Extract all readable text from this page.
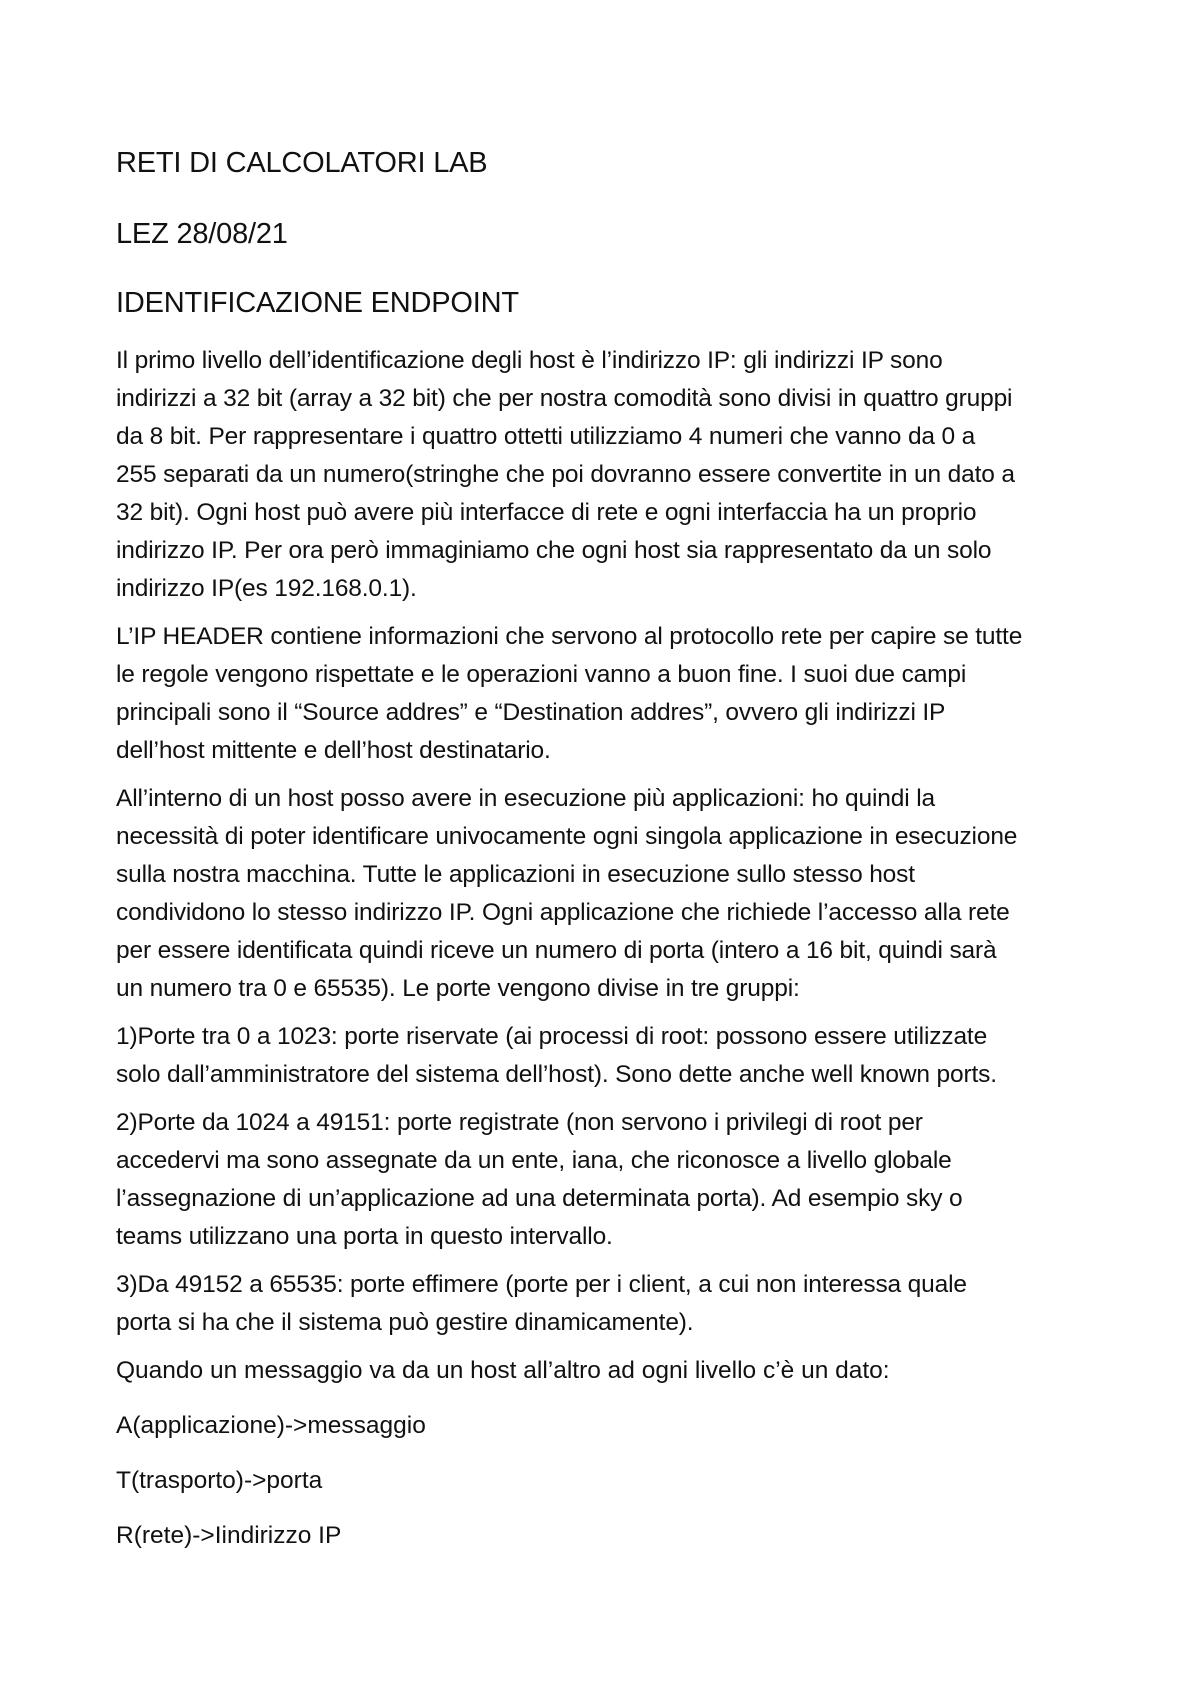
RETI DI CALCOLATORI LAB

LEZ 28/08/21

IDENTIFICAZIONE ENDPOINT

Il primo livello dell’identificazione degli host è l’indirizzo IP: gli indirizzi IP sono
indirizzi a 32 bit (array a 32 bit) che per nostra comodità sono divisi in quattro gruppi
da 8 bit. Per rappresentare i quattro ottetti utilizziamo 4 numeri che vanno da 0 a
255 separati da un numero(stringhe che poi dovranno essere convertite in un dato a
32 bit). Ogni host può avere più interfacce di rete e ogni interfaccia ha un proprio
indirizzo IP. Per ora però immaginiamo che ogni host sia rappresentato da un solo
indirizzo IP(es 192.168.0.1).

L’IP HEADER contiene informazioni che servono al protocollo rete per capire se tutte
le regole vengono rispettate e le operazioni vanno a buon fine. I suoi due campi
principali sono il “Source addres” e “Destination addres”, ovvero gli indirizzi IP
dell’host mittente e dell’host destinatario.

All’interno di un host posso avere in esecuzione più applicazioni: ho quindi la
necessità di poter identificare univocamente ogni singola applicazione in esecuzione
sulla nostra macchina. Tutte le applicazioni in esecuzione sullo stesso host
condividono lo stesso indirizzo IP. Ogni applicazione che richiede l’accesso alla rete
per essere identificata quindi riceve un numero di porta (intero a 16 bit, quindi sarà
un numero tra 0 e 65535). Le porte vengono divise in tre gruppi:

1)Porte tra 0 a 1023: porte riservate (ai processi di root: possono essere utilizzate
solo dall’amministratore del sistema dell’host). Sono dette anche well known ports.

2)Porte da 1024 a 49151: porte registrate (non servono i privilegi di root per
accedervi ma sono assegnate da un ente, iana, che riconosce a livello globale
l’assegnazione di un’applicazione ad una determinata porta). Ad esempio sky o
teams utilizzano una porta in questo intervallo.

3)Da 49152 a 65535: porte effimere (porte per i client, a cui non interessa quale
porta si ha che il sistema può gestire dinamicamente).

Quando un messaggio va da un host all’altro ad ogni livello c’è un dato:

A(applicazione)->messaggio

T(trasporto)->porta

R(rete)->Iindirizzo IP
